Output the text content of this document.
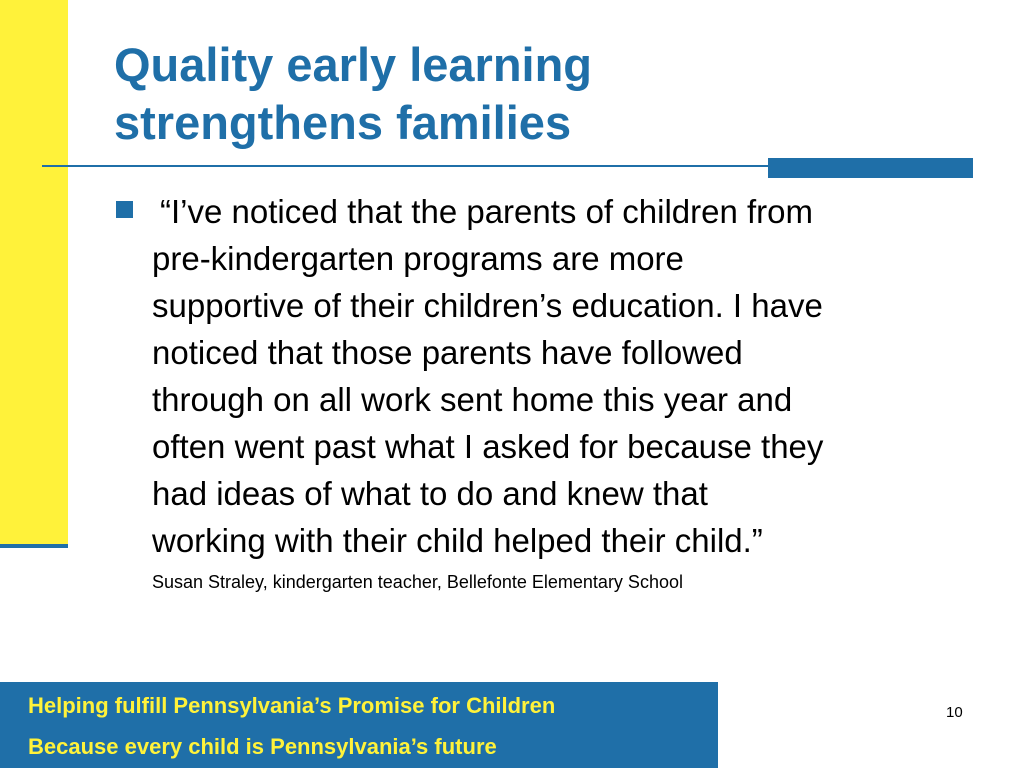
Quality early learning
strengthens families

“I’ve noticed that the parents of children from
pre-kindergarten programs are more
supportive of their children’s education. I have
noticed that those parents have followed
through on all work sent home this year and
often went past what I asked for because they
had ideas of what to do and knew that
working with their child helped their child.”

Susan Straley, kindergarten teacher, Bellefonte Elementary School

Helping fulfill Pennsylvania’s Promise for Children
Because every child is Pennsylvania’s future
10
